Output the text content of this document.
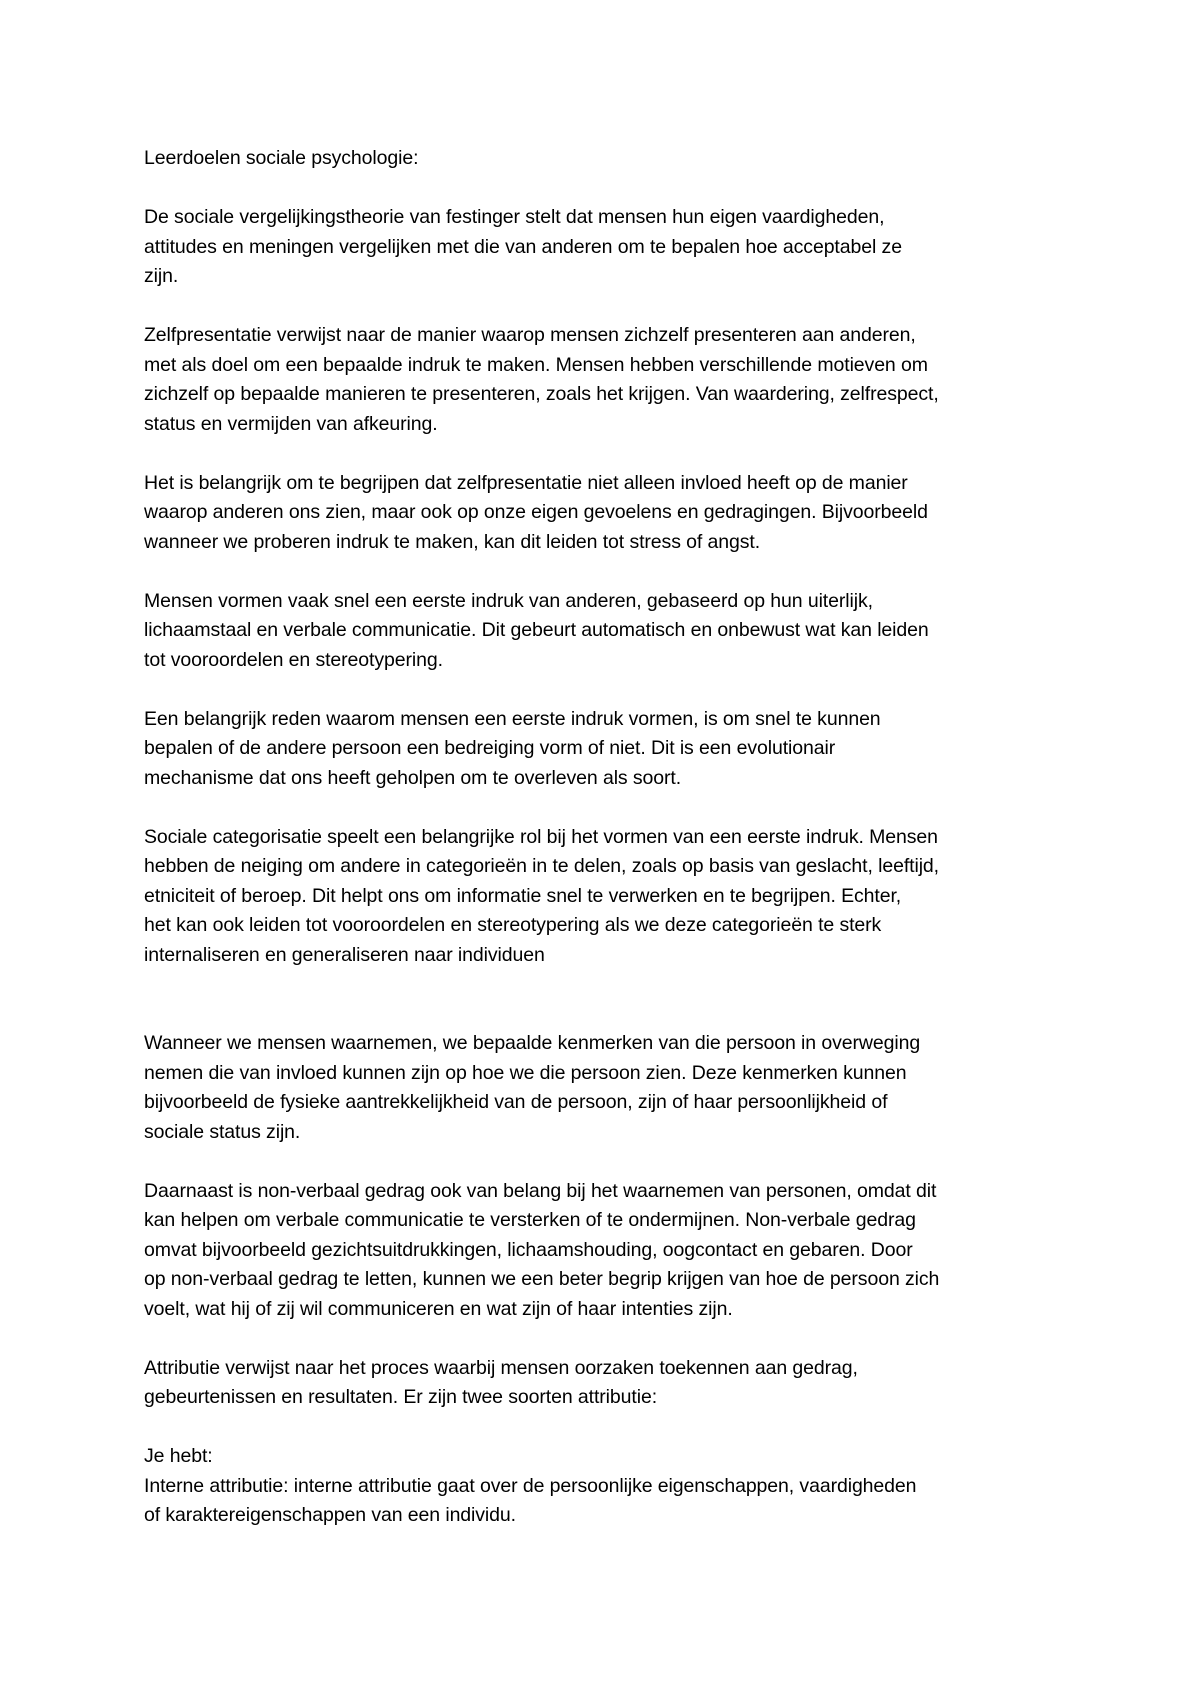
Leerdoelen sociale psychologie:
De sociale vergelijkingstheorie van festinger stelt dat mensen hun eigen vaardigheden,
attitudes en meningen vergelijken met die van anderen om te bepalen hoe acceptabel ze
zijn.
Zelfpresentatie verwijst naar de manier waarop mensen zichzelf presenteren aan anderen,
met als doel om een bepaalde indruk te maken. Mensen hebben verschillende motieven om
zichzelf op bepaalde manieren te presenteren, zoals het krijgen. Van waardering, zelfrespect,
status en vermijden van afkeuring.
Het is belangrijk om te begrijpen dat zelfpresentatie niet alleen invloed heeft op de manier
waarop anderen ons zien, maar ook op onze eigen gevoelens en gedragingen. Bijvoorbeeld
wanneer we proberen indruk te maken, kan dit leiden tot stress of angst.
Mensen vormen vaak snel een eerste indruk van anderen, gebaseerd op hun uiterlijk,
lichaamstaal en verbale communicatie. Dit gebeurt automatisch en onbewust wat kan leiden
tot vooroordelen en stereotypering.
Een belangrijk reden waarom mensen een eerste indruk vormen, is om snel te kunnen
bepalen of de andere persoon een bedreiging vorm of niet. Dit is een evolutionair
mechanisme dat ons heeft geholpen om te overleven als soort.
Sociale categorisatie speelt een belangrijke rol bij het vormen van een eerste indruk. Mensen
hebben de neiging om andere in categorieën in te delen, zoals op basis van geslacht, leeftijd,
etniciteit of beroep. Dit helpt ons om informatie snel te verwerken en te begrijpen. Echter,
het kan ook leiden tot vooroordelen en stereotypering als we deze categorieën te sterk
internaliseren en generaliseren naar individuen
Wanneer we mensen waarnemen, we bepaalde kenmerken van die persoon in overweging
nemen die van invloed kunnen zijn op hoe we die persoon zien. Deze kenmerken kunnen
bijvoorbeeld de fysieke aantrekkelijkheid van de persoon, zijn of haar persoonlijkheid of
sociale status zijn.
Daarnaast is non-verbaal gedrag ook van belang bij het waarnemen van personen, omdat dit
kan helpen om verbale communicatie te versterken of te ondermijnen. Non-verbale gedrag
omvat bijvoorbeeld gezichtsuitdrukkingen, lichaamshouding, oogcontact en gebaren. Door
op non-verbaal gedrag te letten, kunnen we een beter begrip krijgen van hoe de persoon zich
voelt, wat hij of zij wil communiceren en wat zijn of haar intenties zijn.
Attributie verwijst naar het proces waarbij mensen oorzaken toekennen aan gedrag,
gebeurtenissen en resultaten. Er zijn twee soorten attributie:
Je hebt:
Interne attributie: interne attributie gaat over de persoonlijke eigenschappen, vaardigheden
of karaktereigenschappen van een individu.
